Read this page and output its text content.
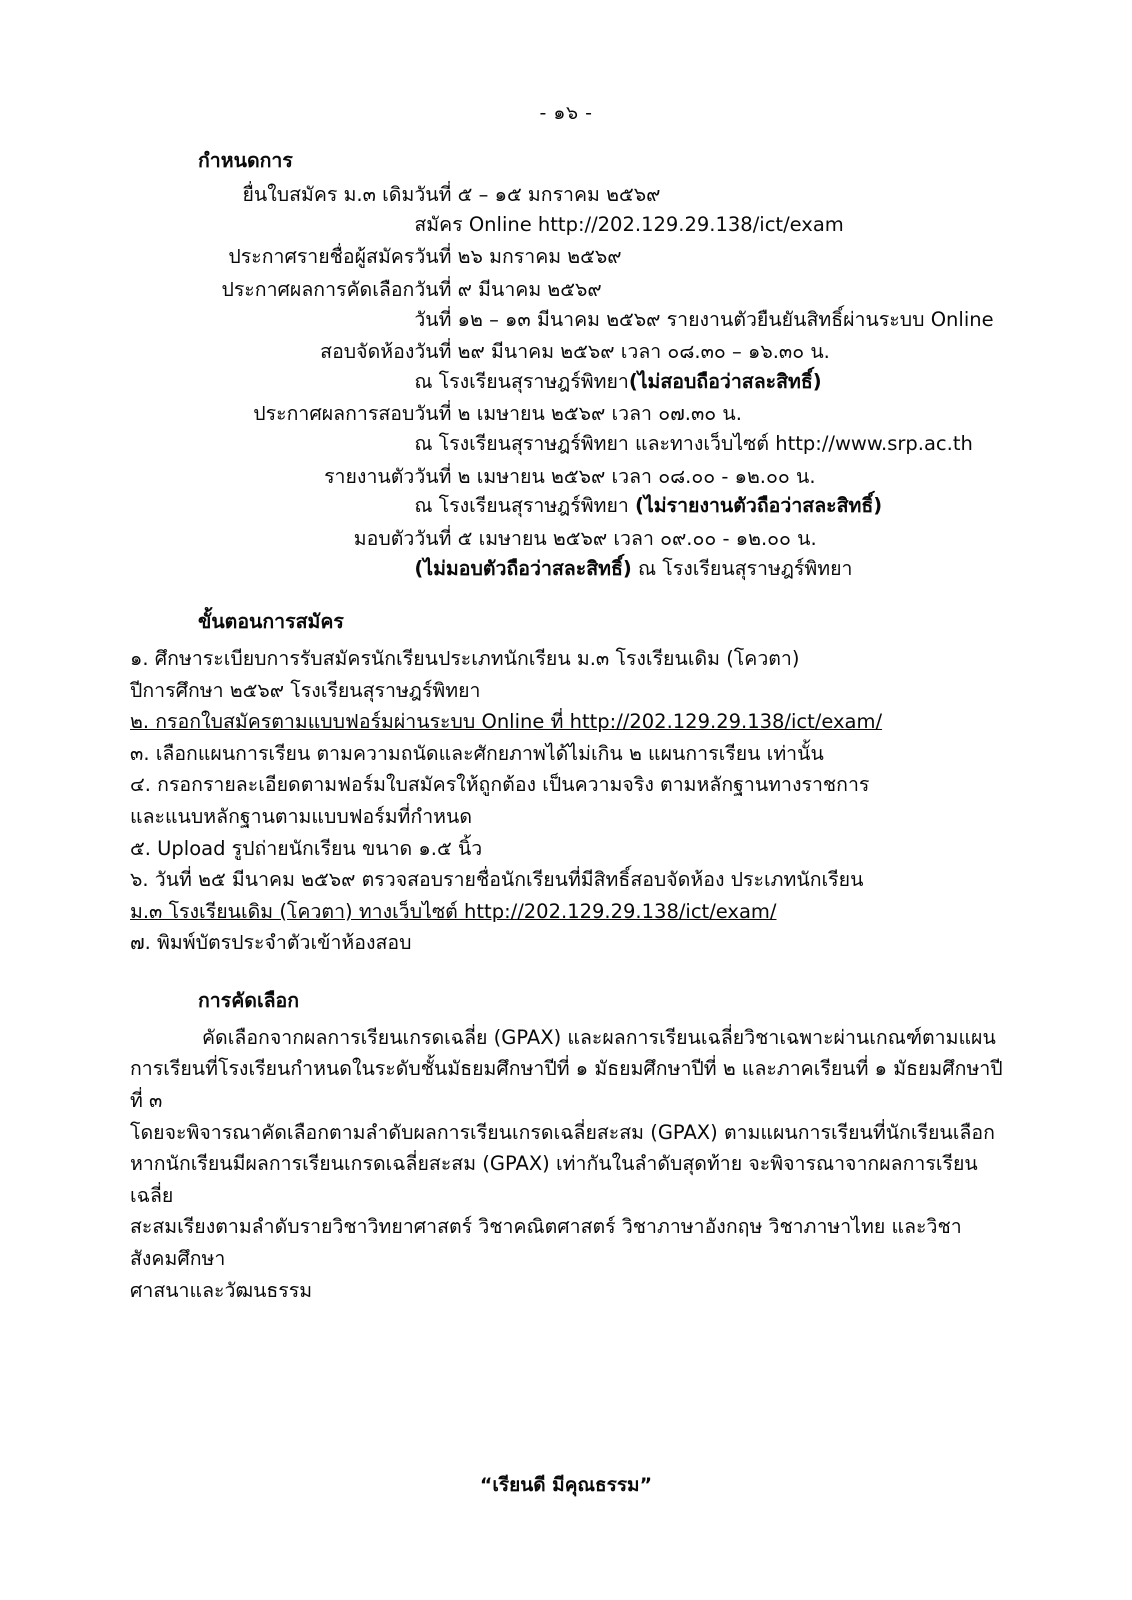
- ๑๖ -
กำหนดการ
ยื่นใบสมัคร ม.๓ เดิม	วันที่ ๕ – ๑๕ มกราคม ๒๕๖๙
สมัคร Online http://202.129.29.138/ict/exam

ประกาศรายชื่อผู้สมัคร	วันที่ ๒๖ มกราคม ๒๕๖๙

ประกาศผลการคัดเลือก	วันที่ ๙ มีนาคม ๒๕๖๙
วันที่ ๑๒ – ๑๓ มีนาคม ๒๕๖๙ รายงานตัวยืนยันสิทธิ์ผ่านระบบ Online

สอบจัดห้อง	วันที่ ๒๙ มีนาคม ๒๕๖๙ เวลา ๐๘.๓๐ – ๑๖.๓๐ น.
ณ โรงเรียนสุราษฎร์พิทยา(ไม่สอบถือว่าสละสิทธิ์)

ประกาศผลการสอบ	วันที่ ๒ เมษายน ๒๕๖๙ เวลา ๐๗.๓๐ น.
ณ โรงเรียนสุราษฎร์พิทยา และทางเว็บไซต์ http://www.srp.ac.th

รายงานตัว	วันที่ ๒ เมษายน ๒๕๖๙ เวลา ๐๘.๐๐ - ๑๒.๐๐ น.
ณ โรงเรียนสุราษฎร์พิทยา (ไม่รายงานตัวถือว่าสละสิทธิ์)

มอบตัว	วันที่ ๕ เมษายน ๒๕๖๙ เวลา ๐๙.๐๐ - ๑๒.๐๐ น.
(ไม่มอบตัวถือว่าสละสิทธิ์) ณ โรงเรียนสุราษฎร์พิทยา
ขั้นตอนการสมัคร

๑. ศึกษาระเบียบการรับสมัครนักเรียนประเภทนักเรียน ม.๓ โรงเรียนเดิม (โควตา)

ปีการศึกษา ๒๕๖๙ โรงเรียนสุราษฎร์พิทยา

๒. กรอกใบสมัครตามแบบฟอร์มผ่านระบบ Online ที่ http://202.129.29.138/ict/exam/

๓. เลือกแผนการเรียน ตามความถนัดและศักยภาพได้ไม่เกิน ๒ แผนการเรียน เท่านั้น

๔. กรอกรายละเอียดตามฟอร์มใบสมัครให้ถูกต้อง เป็นความจริง ตามหลักฐานทางราชการ

และแนบหลักฐานตามแบบฟอร์มที่กำหนด

๕. Upload รูปถ่ายนักเรียน ขนาด ๑.๕ นิ้ว

๖. วันที่ ๒๕ มีนาคม ๒๕๖๙ ตรวจสอบรายชื่อนักเรียนที่มีสิทธิ์สอบจัดห้อง ประเภทนักเรียน

ม.๓ โรงเรียนเดิม (โควตา) ทางเว็บไซต์ http://202.129.29.138/ict/exam/

๗. พิมพ์บัตรประจำตัวเข้าห้องสอบ

การคัดเลือก

คัดเลือกจากผลการเรียนเกรดเฉลี่ย (GPAX) และผลการเรียนเฉลี่ยวิชาเฉพาะผ่านเกณฑ์ตามแผน

การเรียนที่โรงเรียนกำหนดในระดับชั้นมัธยมศึกษาปีที่ ๑ มัธยมศึกษาปีที่ ๒ และภาคเรียนที่ ๑ มัธยมศึกษาปีที่ ๓

โดยจะพิจารณาคัดเลือกตามลำดับผลการเรียนเกรดเฉลี่ยสะสม (GPAX) ตามแผนการเรียนที่นักเรียนเลือก

หากนักเรียนมีผลการเรียนเกรดเฉลี่ยสะสม (GPAX) เท่ากันในลำดับสุดท้าย จะพิจารณาจากผลการเรียนเฉลี่ย

สะสมเรียงตามลำดับรายวิชาวิทยาศาสตร์ วิชาคณิตศาสตร์ วิชาภาษาอังกฤษ วิชาภาษาไทย และวิชาสังคมศึกษา

ศาสนาและวัฒนธรรม

“เรียนดี มีคุณธรรม”
